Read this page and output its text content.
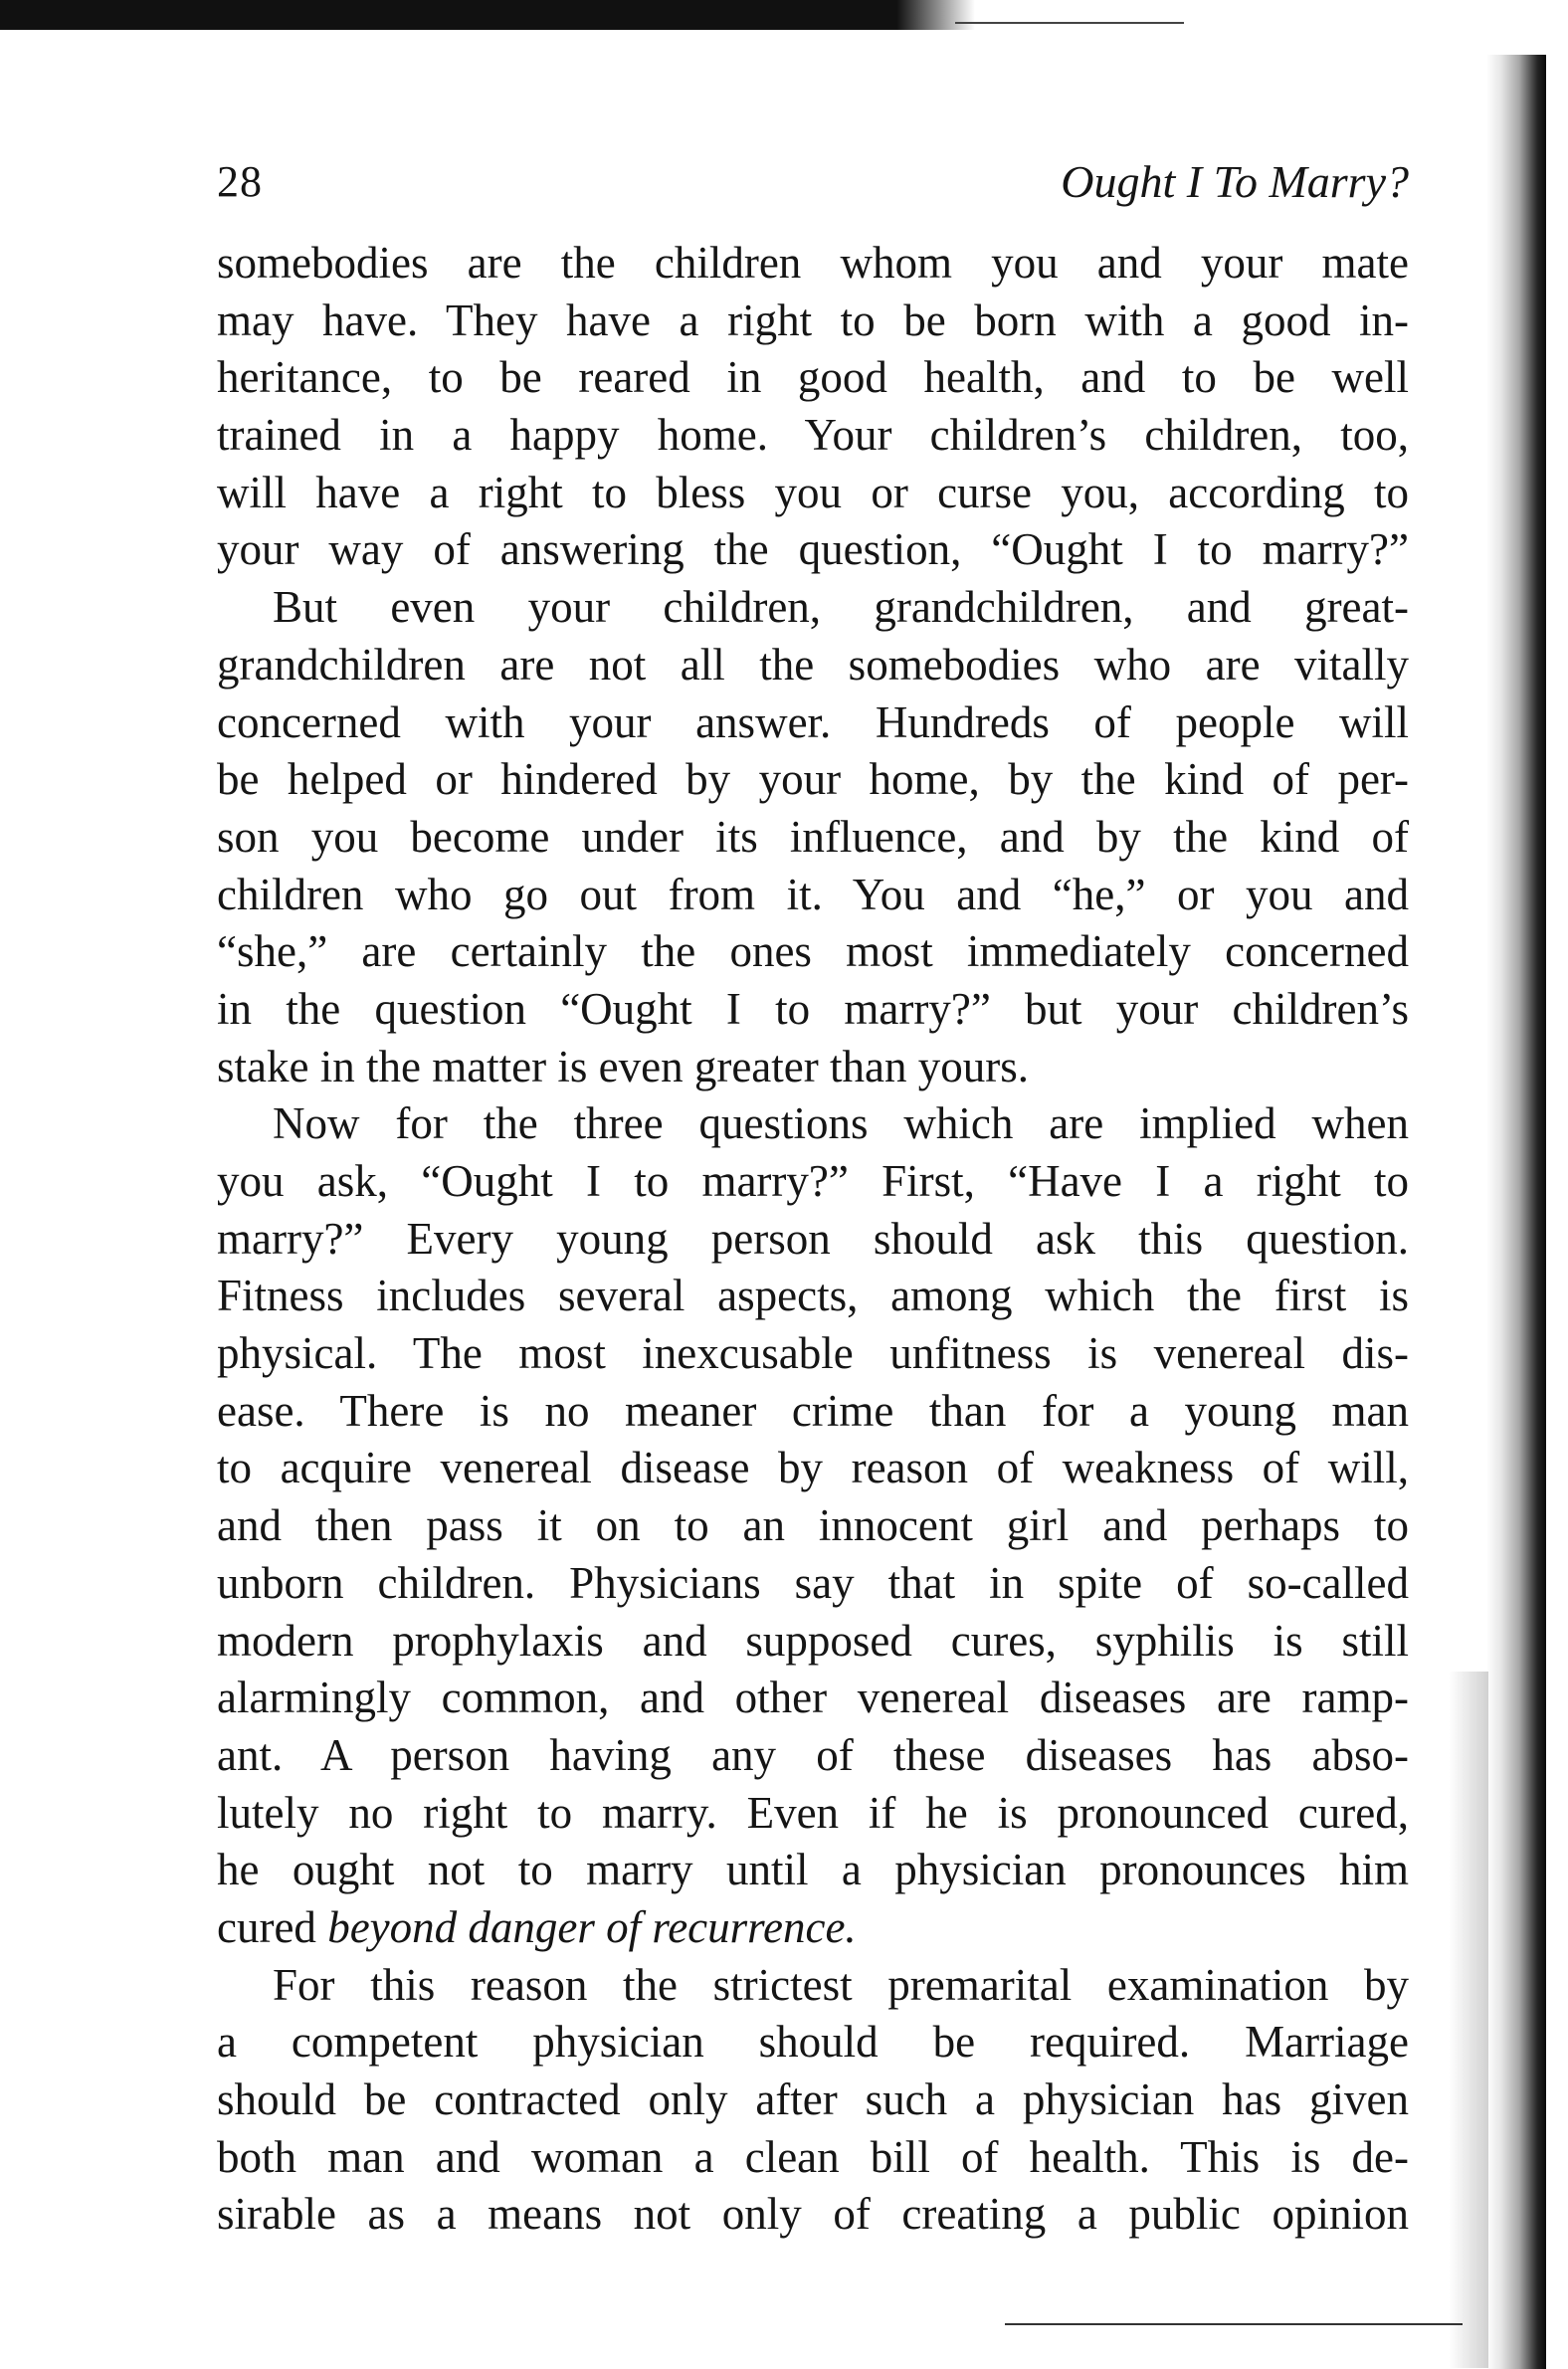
28	Ought I To Marry?

somebodies are the children whom you and your mate
may have. They have a right to be born with a good in-
heritance, to be reared in good health, and to be well
trained in a happy home. Your children’s children, too,
will have a right to bless you or curse you, according to
your way of answering the question, “Ought I to marry?”

But even your children, grandchildren, and great-
grandchildren are not all the somebodies who are vitally
concerned with your answer. Hundreds of people will
be helped or hindered by your home, by the kind of per-
son you become under its influence, and by the kind of
children who go out from it. You and “he,” or you and
“she,” are certainly the ones most immediately concerned
in the question “Ought I to marry?” but your children’s
stake in the matter is even greater than yours.

Now for the three questions which are implied when
you ask, “Ought I to marry?” First, “Have I a right to
marry?” Every young person should ask this question.
Fitness includes several aspects, among which the first is
physical. The most inexcusable unfitness is venereal dis-
ease. There is no meaner crime than for a young man
to acquire venereal disease by reason of weakness of will,
and then pass it on to an innocent girl and perhaps to
unborn children. Physicians say that in spite of so-called
modern prophylaxis and supposed cures, syphilis is still
alarmingly common, and other venereal diseases are ramp-
ant. A person having any of these diseases has abso-
lutely no right to marry. Even if he is pronounced cured,
he ought not to marry until a physician pronounces him
cured beyond danger of recurrence.

For this reason the strictest premarital examination by
a competent physician should be required. Marriage
should be contracted only after such a physician has given
both man and woman a clean bill of health. This is de-
sirable as a means not only of creating a public opinion
